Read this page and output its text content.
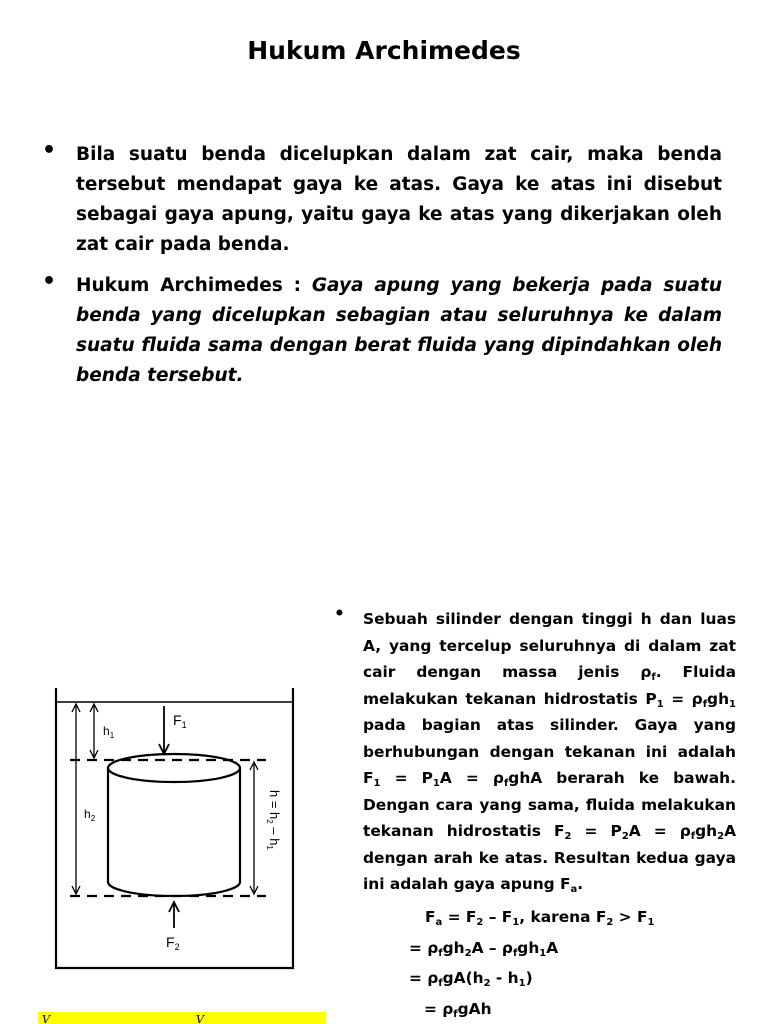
Hukum Archimedes
• Bila suatu benda dicelupkan dalam zat cair, maka benda tersebut mendapat gaya ke atas. Gaya ke atas ini disebut sebagai gaya apung, yaitu gaya ke atas yang dikerjakan oleh zat cair pada benda.
• Hukum Archimedes : Gaya apung yang bekerja pada suatu benda yang dicelupkan sebagian atau seluruhnya ke dalam suatu fluida sama dengan berat fluida yang dipindahkan oleh benda tersebut.
$F_1$
$h_1$
$h_2$
$F_2$
$h = h_2 - h_1$
• Sebuah silinder dengan tinggi h dan luas A, yang tercelup seluruhnya di dalam zat cair dengan massa jenis $\rho_f$. Fluida melakukan tekanan hidrostatis $P_1 = \rho_fgh_1$ pada bagian atas silinder. Gaya yang berhubungan dengan tekanan ini adalah $F_1 = P_1A = \rho_fghA$ berarah ke bawah. Dengan cara yang sama, fluida melakukan tekanan hidrostatis $F_2 = P_2A = \rho_fgh_2A$ dengan arah ke atas. Resultan kedua gaya ini adalah gaya apung $F_a$.
$F_a = F_2 - F_1$, karena $F_2 > F_1$
= $\rho_fgh_2A - \rho_fgh_1A$
= $\rho_fgA(h_2 - h_1)$
= $\rho_fgAh$
V	V
